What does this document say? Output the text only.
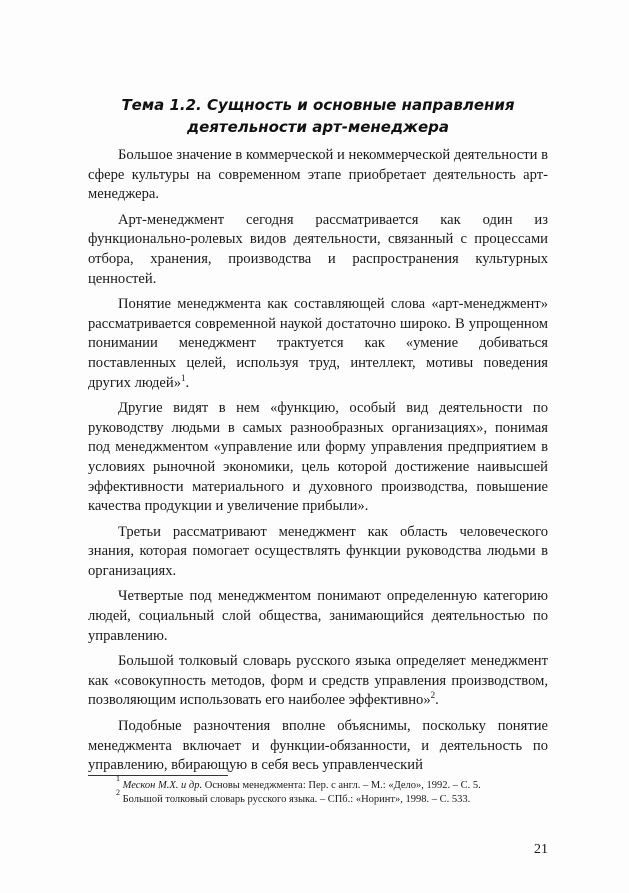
Тема 1.2. Сущность и основные направления
деятельности арт-менеджера

Большое значение в коммерческой и некоммерческой деятельности в сфере культуры на современном этапе приобретает деятельность арт-менеджера.

Арт-менеджмент сегодня рассматривается как один из функционально-ролевых видов деятельности, связанный с процессами отбора, хранения, производства и распространения культурных ценностей.

Понятие менеджмента как составляющей слова «арт-менеджмент» рассматривается современной наукой достаточно широко. В упрощенном понимании менеджмент трактуется как «умение добиваться поставленных целей, используя труд, интеллект, мотивы поведения других людей»$^1$.

Другие видят в нем «функцию, особый вид деятельности по руководству людьми в самых разнообразных организациях», понимая под менеджментом «управление или форму управления предприятием в условиях рыночной экономики, цель которой достижение наивысшей эффективности материального и духовного производства, повышение качества продукции и увеличение прибыли».

Третьи рассматривают менеджмент как область человеческого знания, которая помогает осуществлять функции руководства людьми в организациях.

Четвертые под менеджментом понимают определенную категорию людей, социальный слой общества, занимающийся деятельностью по управлению.

Большой толковый словарь русского языка определяет менеджмент как «совокупность методов, форм и средств управления производством, позволяющим использовать его наиболее эффективно»$^2$.

Подобные разночтения вполне объяснимы, поскольку понятие менеджмента включает и функции-обязанности, и деятельность по управлению, вбирающую в себя весь управленческий

$^1$ Мескон М.Х. и др. Основы менеджмента: Пер. с англ. – М.: «Дело», 1992. – С. 5.
$^2$ Большой толковый словарь русского языка. – СПб.: «Норинт», 1998. – С. 533.
21
